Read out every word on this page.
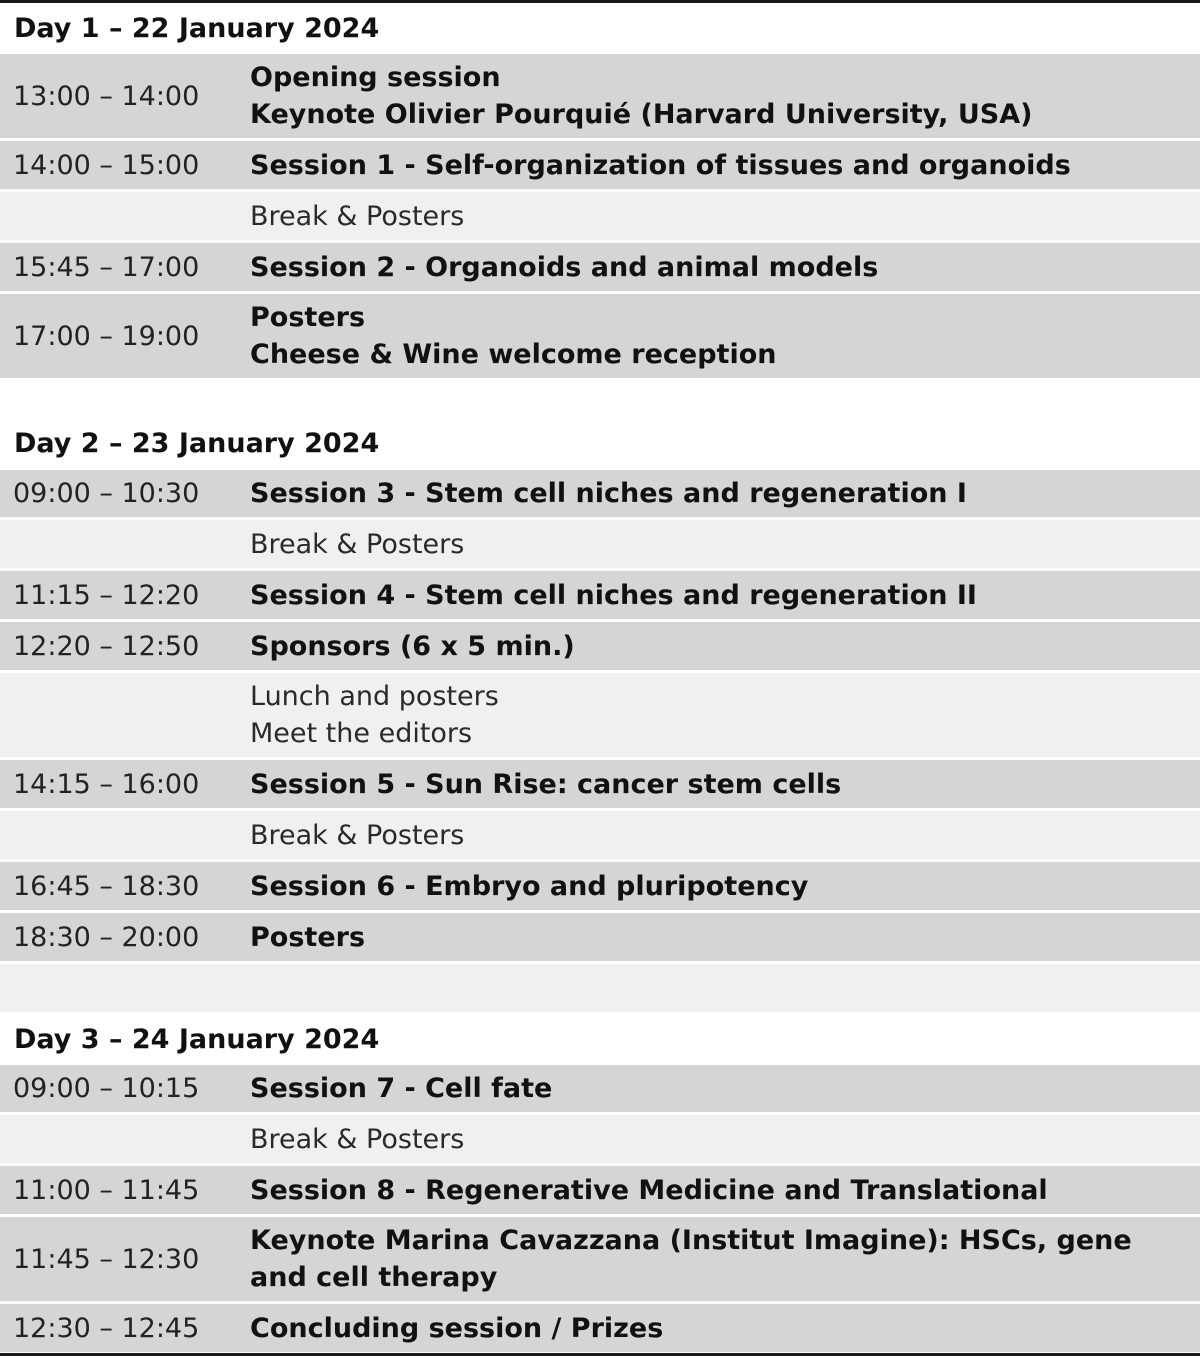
Day 1 – 22 January 2024
13:00 – 14:00
Opening session
Keynote Olivier Pourquié (Harvard University, USA)
14:00 – 15:00 Session 1 - Self-organization of tissues and organoids
Break & Posters
15:45 – 17:00 Session 2 - Organoids and animal models
17:00 – 19:00
Posters
Cheese & Wine welcome reception
Day 2 – 23 January 2024
09:00 – 10:30 Session 3 - Stem cell niches and regeneration I
Break & Posters
11:15 – 12:20 Session 4 - Stem cell niches and regeneration II
12:20 – 12:50 Sponsors (6 x 5 min.)
Lunch and posters
Meet the editors
14:15 – 16:00 Session 5 - Sun Rise: cancer stem cells
Break & Posters
16:45 – 18:30 Session 6 - Embryo and pluripotency
18:30 – 20:00 Posters
Day 3 – 24 January 2024
09:00 – 10:15 Session 7 - Cell fate
Break & Posters
11:00 – 11:45 Session 8 - Regenerative Medicine and Translational
11:45 – 12:30
Keynote Marina Cavazzana (Institut Imagine): HSCs, gene
and cell therapy
12:30 – 12:45 Concluding session / Prizes
